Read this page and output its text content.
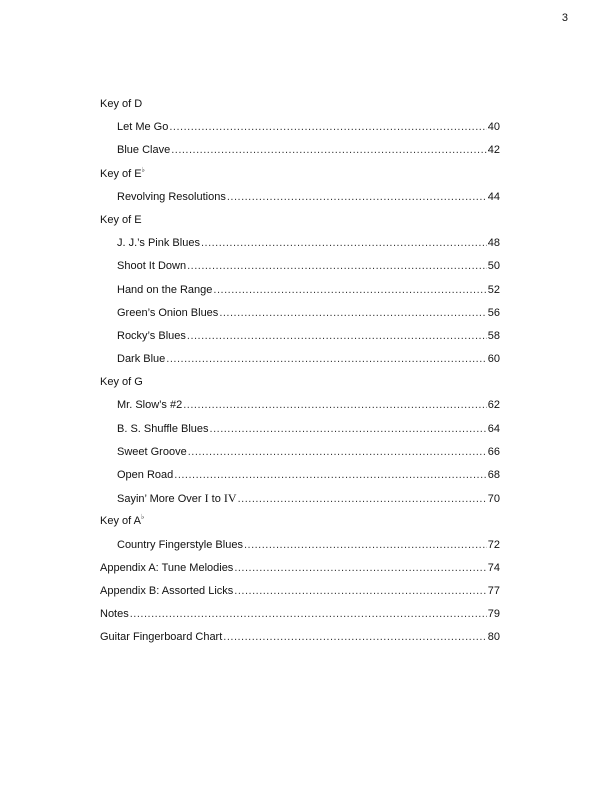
3
Key of D
Let Me Go .....	40
Blue Clave .....	42
Key of E♭
Revolving Resolutions .....	44
Key of E
J. J.’s Pink Blues .....	48
Shoot It Down .....	50
Hand on the Range .....	52
Green’s Onion Blues .....	56
Rocky’s Blues .....	58
Dark Blue .....	60
Key of G
Mr. Slow’s #2 .....	62
B. S. Shuffle Blues .....	64
Sweet Groove .....	66
Open Road .....	68
Sayin’ More Over I to IV .....	70
Key of A♭
Country Fingerstyle Blues .....	72
Appendix A: Tune Melodies .....	74
Appendix B: Assorted Licks .....	77
Notes .....	79
Guitar Fingerboard Chart .....	80
